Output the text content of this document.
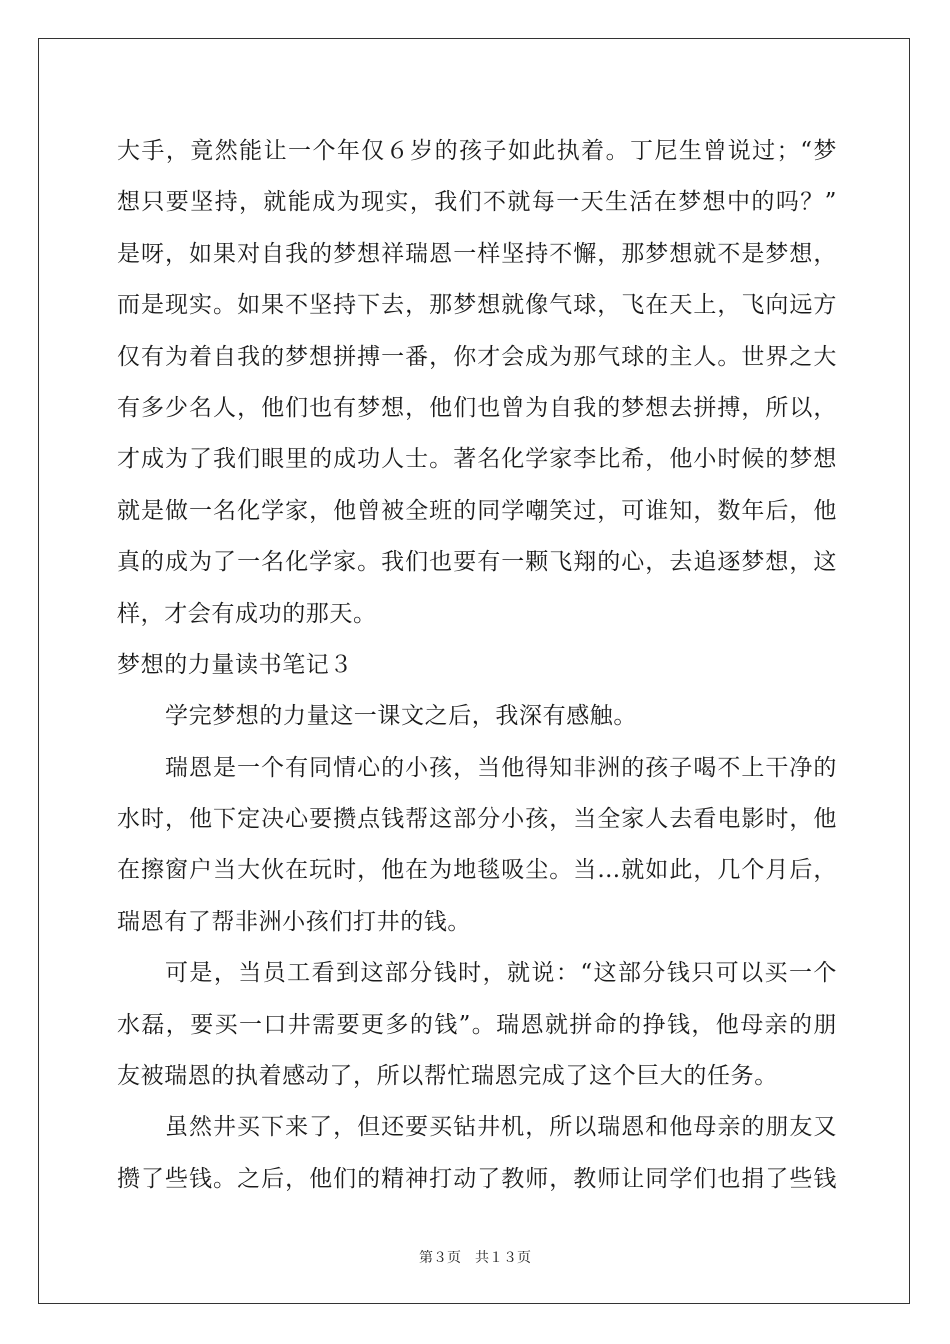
大手，竟然能让一个年仅６岁的孩子如此执着。丁尼生曾说过；“梦
想只要坚持，就能成为现实，我们不就每一天生活在梦想中的吗？”
是呀，如果对自我的梦想祥瑞恩一样坚持不懈，那梦想就不是梦想，
而是现实。如果不坚持下去，那梦想就像气球，飞在天上，飞向远方
仅有为着自我的梦想拼搏一番，你才会成为那气球的主人。世界之大
有多少名人，他们也有梦想，他们也曾为自我的梦想去拼搏，所以，
才成为了我们眼里的成功人士。著名化学家李比希，他小时候的梦想
就是做一名化学家，他曾被全班的同学嘲笑过，可谁知，数年后，他
真的成为了一名化学家。我们也要有一颗飞翔的心，去追逐梦想，这
样，才会有成功的那天。
梦想的力量读书笔记３
学完梦想的力量这一课文之后，我深有感触。
瑞恩是一个有同情心的小孩，当他得知非洲的孩子喝不上干净的
水时，他下定决心要攒点钱帮这部分小孩，当全家人去看电影时，他
在擦窗户当大伙在玩时，他在为地毯吸尘。当…就如此，几个月后，
瑞恩有了帮非洲小孩们打井的钱。
可是，当员工看到这部分钱时，就说：“这部分钱只可以买一个
水磊，要买一口井需要更多的钱”。瑞恩就拼命的挣钱，他母亲的朋
友被瑞恩的执着感动了，所以帮忙瑞恩完成了这个巨大的任务。
虽然井买下来了，但还要买钻井机，所以瑞恩和他母亲的朋友又
攒了些钱。之后，他们的精神打动了教师，教师让同学们也捐了些钱
第３页 共１３页
